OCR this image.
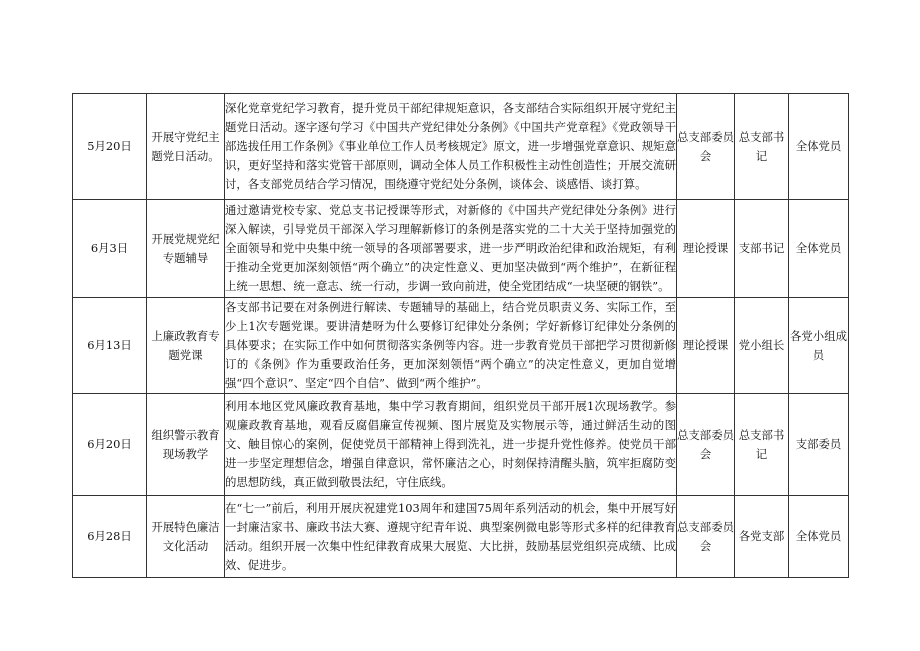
5月20日	开展守党纪主题党日活动。	深化党章党纪学习教育，提升党员干部纪律规矩意识，各支部结合实际组织开展守党纪主题党日活动。逐字逐句学习《中国共产党纪律处分条例》《中国共产党章程》《党政领导干部选拔任用工作条例》《事业单位工作人员考核规定》原文，进一步增强党章意识、规矩意识，更好坚持和落实党管干部原则，调动全体人员工作积极性主动性创造性；开展交流研讨，各支部党员结合学习情况，围绕遵守党纪处分条例，谈体会、谈感悟、谈打算。	总支部委员会	总支部书记	全体党员
6月3日	开展党规党纪专题辅导	通过邀请党校专家、党总支书记授课等形式，对新修的《中国共产党纪律处分条例》进行深入解读，引导党员干部深入学习理解新修订的条例是落实党的二十大关于坚持加强党的全面领导和党中央集中统一领导的各项部署要求，进一步严明政治纪律和政治规矩，有利于推动全党更加深刻领悟“两个确立”的决定性意义、更加坚决做到“两个维护”，在新征程上统一思想、统一意志、统一行动，步调一致向前进，使全党团结成“一块坚硬的钢铁”。	理论授课	支部书记	全体党员
6月13日	上廉政教育专题党课	各支部书记要在对条例进行解读、专题辅导的基础上，结合党员职责义务、实际工作，至少上1次专题党课。要讲清楚呀为什么要修订纪律处分条例；学好新修订纪律处分条例的具体要求；在实际工作中如何贯彻落实条例等内容。进一步教育党员干部把学习贯彻新修订的《条例》作为重要政治任务，更加深刻领悟“两个确立”的决定性意义，更加自觉增强“四个意识”、坚定“四个自信”、做到“两个维护”。	理论授课	党小组长	各党小组成员
6月20日	组织警示教育现场教学	利用本地区党风廉政教育基地，集中学习教育期间，组织党员干部开展1次现场教学。参观廉政教育基地，观看反腐倡廉宣传视频、图片展览及实物展示等，通过鲜活生动的图文、触目惊心的案例，促使党员干部精神上得到洗礼，进一步提升党性修养。使党员干部进一步坚定理想信念，增强自律意识，常怀廉洁之心，时刻保持清醒头脑，筑牢拒腐防变的思想防线，真正做到敬畏法纪，守住底线。	总支部委员会	总支部书记	支部委员
6月28日	开展特色廉洁文化活动	在“七一”前后，利用开展庆祝建党103周年和建国75周年系列活动的机会，集中开展写好一封廉洁家书、廉政书法大赛、遵规守纪青年说、典型案例微电影等形式多样的纪律教育活动。组织开展一次集中性纪律教育成果大展览、大比拼，鼓励基层党组织亮成绩、比成效、促进步。	总支部委员会	各党支部	全体党员
